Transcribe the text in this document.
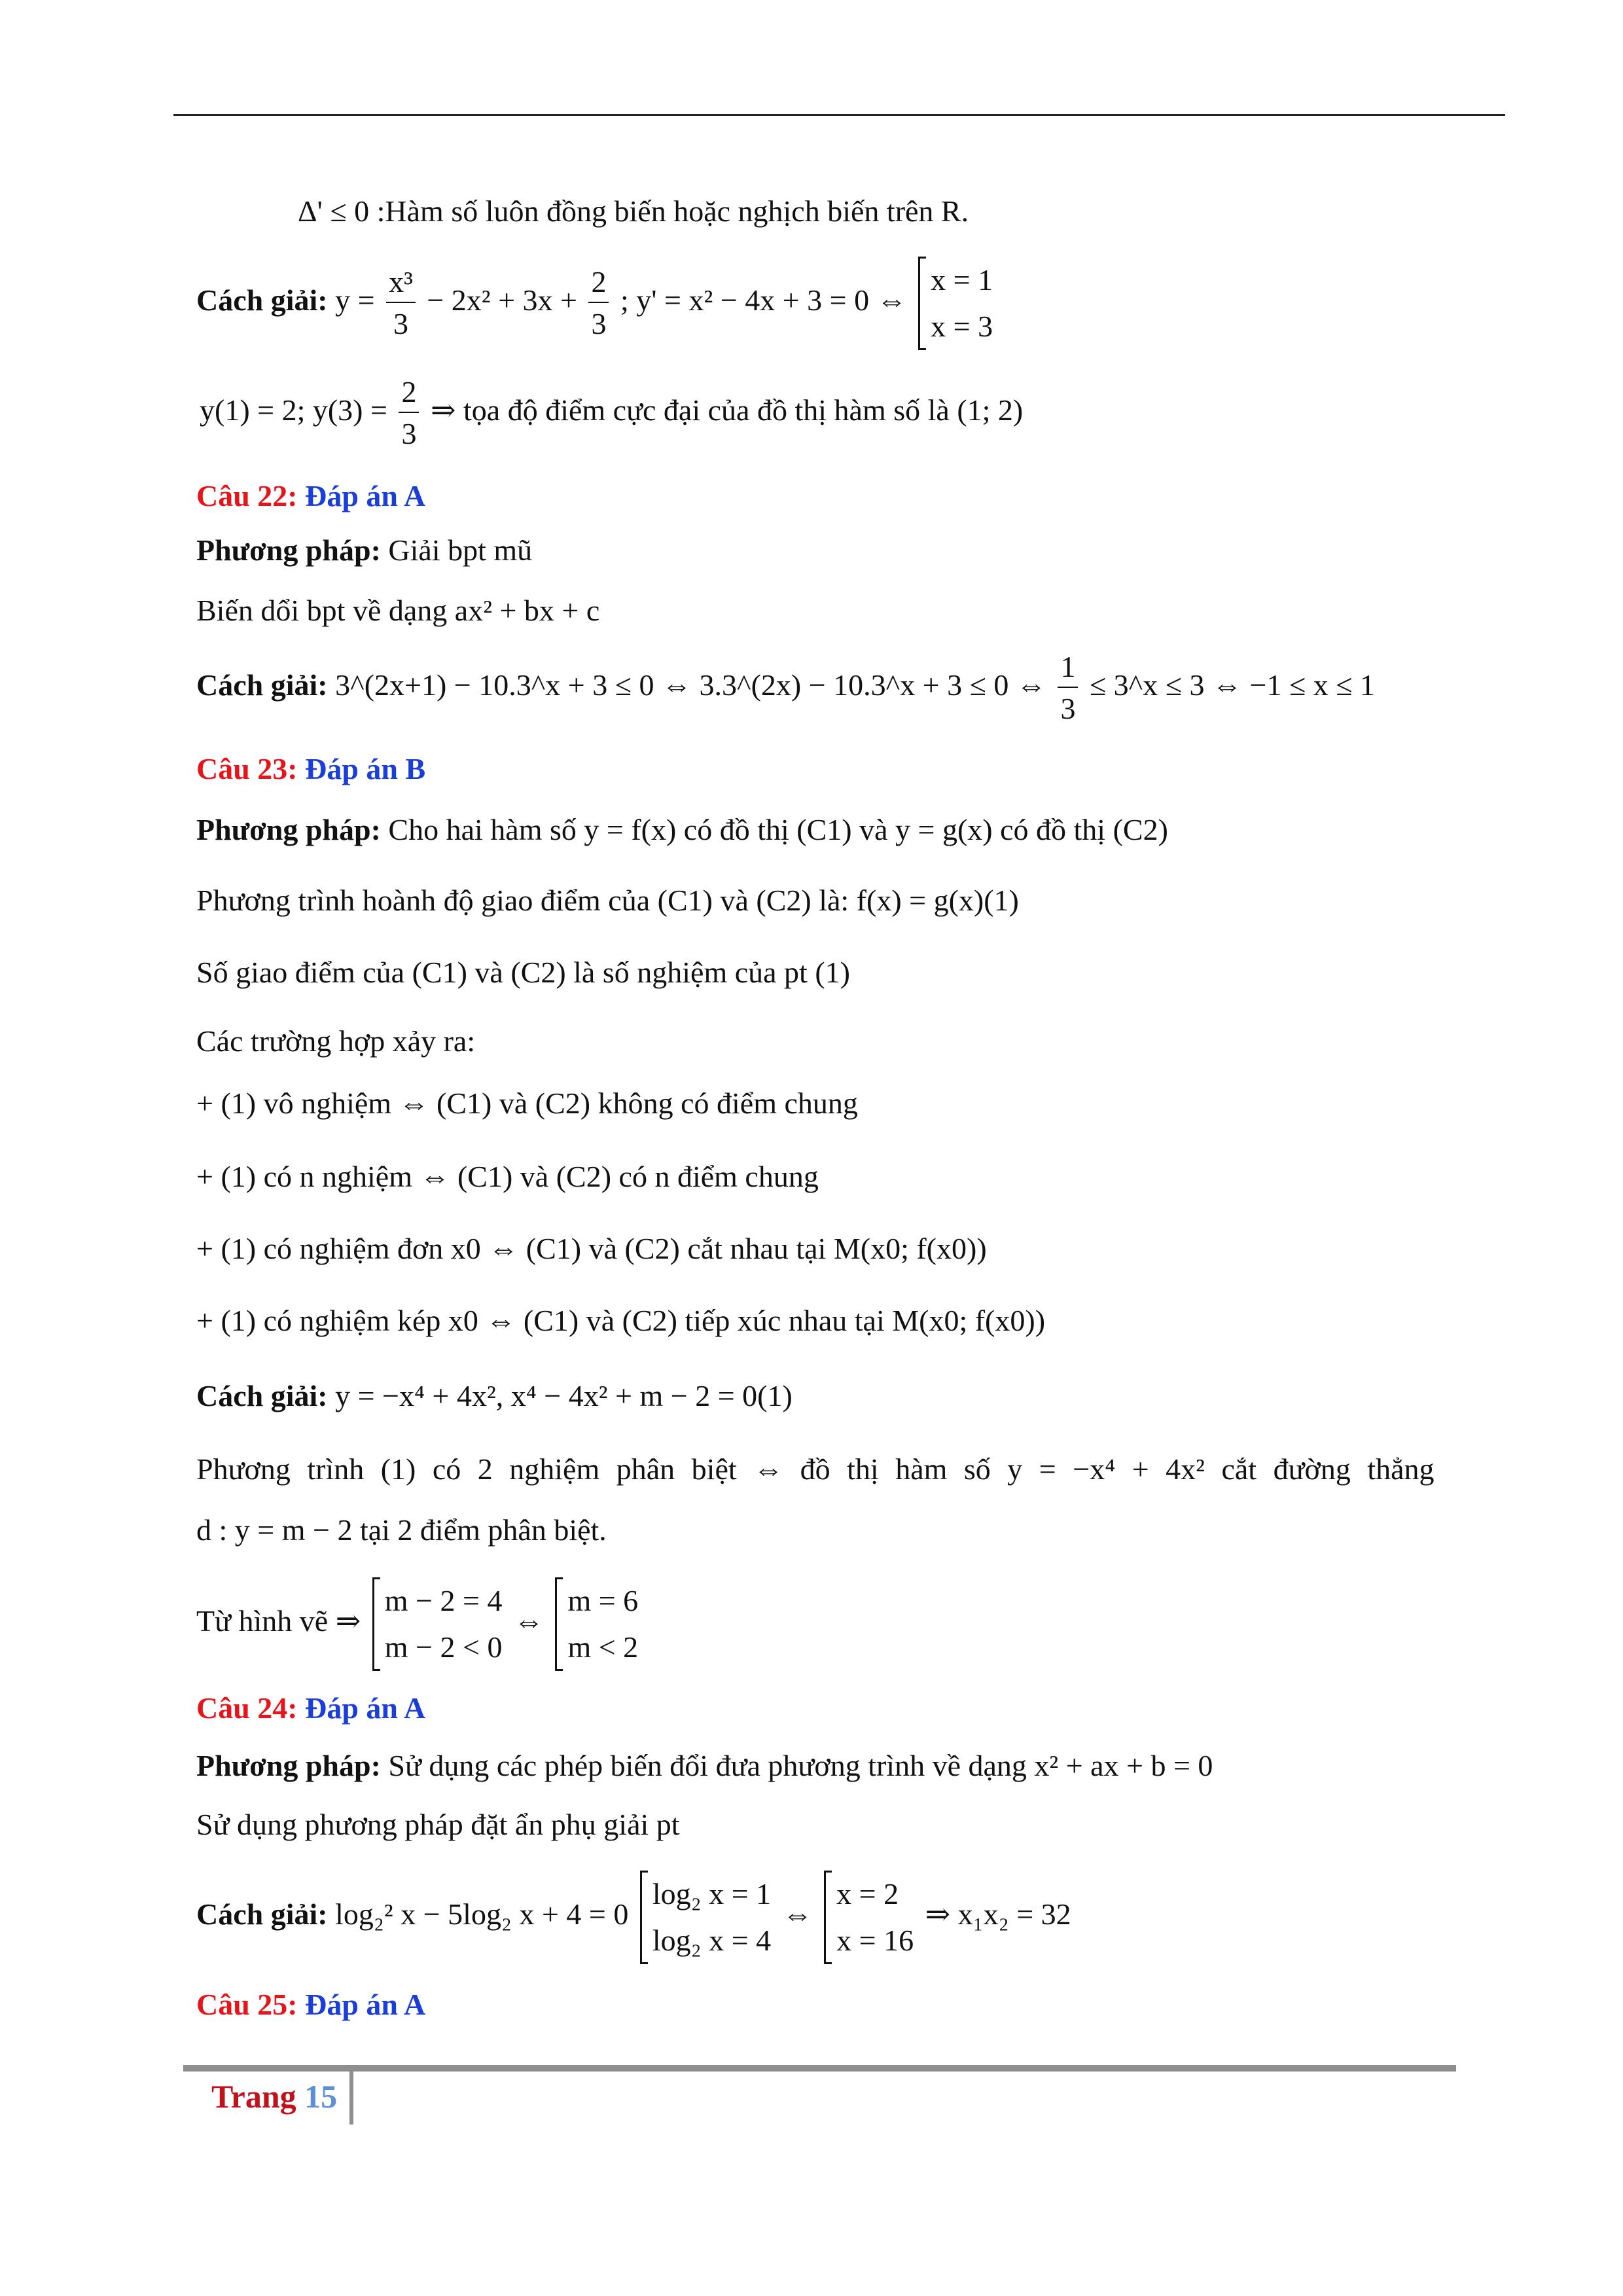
Δ' ≤ 0 :Hàm số luôn đồng biến hoặc nghịch biến trên R.
Cách giải: $y = \frac{\text{x³}}{3} - 2x^2 + 3x + \frac{2}{3}$ ; y' = x² − 4x + 3 = 0 ⇔
x = 1
x = 3
y(1) = 2; $y(3) = \frac{2}{3}$ ⇒ tọa độ điểm cực đại của đồ thị hàm số là (1; 2)
Câu 22: Đáp án A
Phương pháp: Giải bpt mũ
Biến dổi bpt về dạng ax² + bx + c
Cách giải: 3^(2x+1) − 10.3^x + 3 ≤ 0 ⇔ 3.3^(2x) − 10.3^x + 3 ≤ 0 ⇔ $\frac{1}{3}$ ≤ 3^x ≤ 3 ⇔ −1 ≤ x ≤ 1
Câu 23: Đáp án B
Phương pháp: Cho hai hàm số y = f(x) có đồ thị (C1) và y = g(x) có đồ thị (C2)
Phương trình hoành độ giao điểm của (C1) và (C2) là: f(x) = g(x)(1)
Số giao điểm của (C1) và (C2) là số nghiệm của pt (1)
Các trường hợp xảy ra:
+ (1) vô nghiệm ⇔ (C1) và (C2) không có điểm chung
+ (1) có n nghiệm ⇔ (C1) và (C2) có n điểm chung
+ (1) có nghiệm đơn x0 ⇔ (C1) và (C2) cắt nhau tại M(x0; f(x0))
+ (1) có nghiệm kép x0 ⇔ (C1) và (C2) tiếp xúc nhau tại M(x0; f(x0))
Cách giải: y = −x⁴ + 4x², x⁴ − 4x² + m − 2 = 0(1)
Phương trình (1) có 2 nghiệm phân biệt ⇔ đồ thị hàm số y = −x⁴ + 4x² cắt đường thẳng
d : y = m − 2 tại 2 điểm phân biệt.
Từ hình vẽ ⇒
m − 2 = 4
m − 2 < 0
⇔
m = 6
m < 2
Câu 24: Đáp án A
Phương pháp: Sử dụng các phép biến đổi đưa phương trình về dạng x² + ax + b = 0
Sử dụng phương pháp đặt ẩn phụ giải pt
Cách giải: log₂² x − 5log₂ x + 4 = 0
log₂ x = 1
log₂ x = 4
⇔
x = 2
x = 16
⇒ x₁x₂ = 32
Câu 25: Đáp án A
Trang 15
